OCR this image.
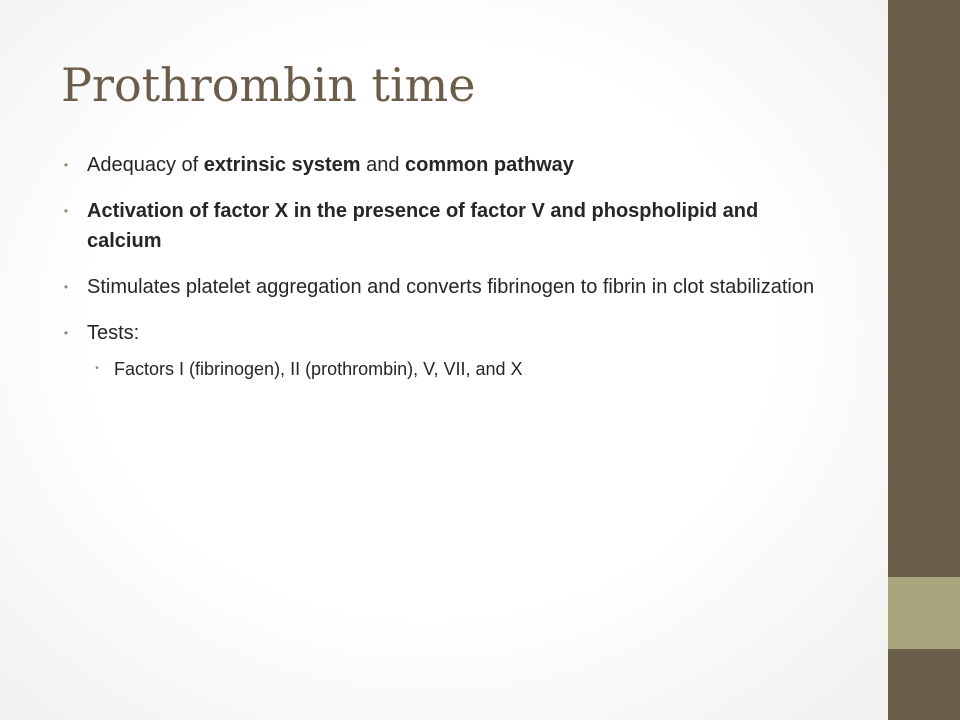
Prothrombin time
• Adequacy of extrinsic system and common pathway
• Activation of factor X in the presence of factor V and phospholipid and calcium
• Stimulates platelet aggregation and converts fibrinogen to fibrin in clot stabilization
• Tests:
• Factors I (fibrinogen), II (prothrombin), V, VII, and X
